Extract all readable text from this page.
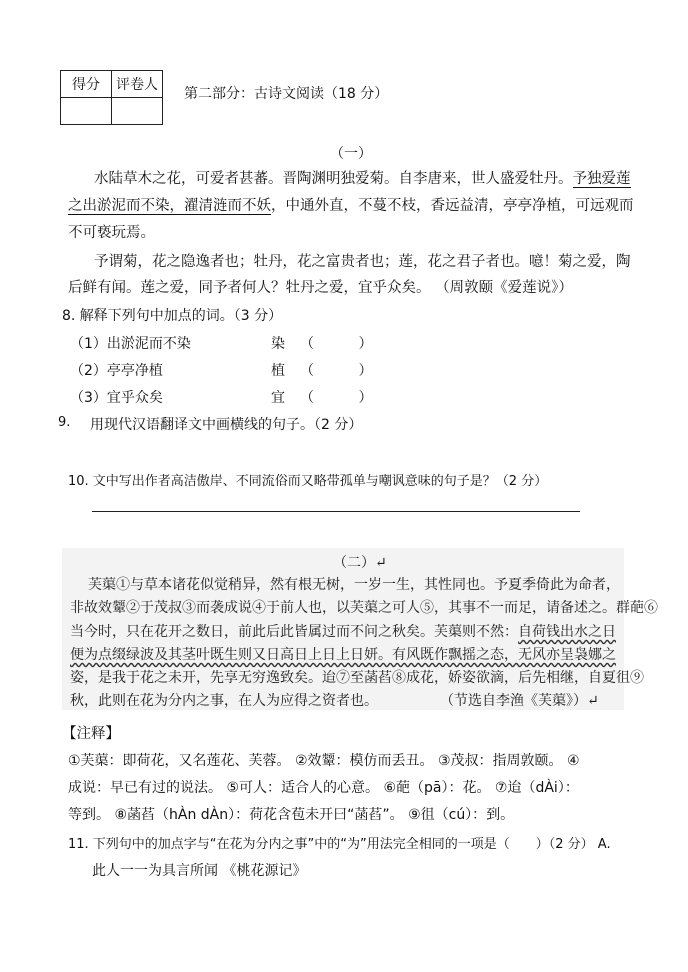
得分	评卷人

第二部分：古诗文阅读（18 分）
（一）
水陆草木之花，可爱者甚蕃。晋陶渊明独爱菊。自李唐来，世人盛爱牡丹。予独爱莲
之出淤泥而不染，濯清涟而不妖，中通外直，不蔓不枝，香远益清，亭亭净植，可远观而
不可亵玩焉。
予谓菊，花之隐逸者也；牡丹，花之富贵者也；莲，花之君子者也。噫！菊之爱，陶
后鲜有闻。莲之爱，同予者何人？牡丹之爱，宜乎众矣。 （周敦颐《爱莲说》）
8. 解释下列句中加点的词。（3 分）
（1）出淤泥而不染	染 （          ）
（2）亭亭净植	植 （          ）
（3）宜乎众矣	宜 （          ）
9. 用现代汉语翻译文中画横线的句子。（2 分）
10. 文中写出作者高洁傲岸、不同流俗而又略带孤单与嘲讽意味的句子是？（2 分）
（二）↵
芙蕖①与草本诸花似觉稍异，然有根无树，一岁一生，其性同也。予夏季倚此为命者，
非故效颦②于茂叔③而袭成说④于前人也，以芙蕖之可人⑤，其事不一而足，请备述之。群葩⑥
当今时，只在花开之数日，前此后此皆属过而不问之秋矣。芙蕖则不然：自荷钱出水之日
便为点缀绿波及其茎叶既生则又日高日上日上日妍。有风既作飘摇之态，无风亦呈袅娜之
姿，是我于花之未开，先享无穷逸致矣。迨⑦至菡萏⑧成花，娇姿欲滴，后先相继，自夏徂⑨
秋，此则在花为分内之事，在人为应得之资者也。	（节选自李渔《芙蕖》）↵
【注释】
①芙蕖：即荷花，又名莲花、芙蓉。 ②效颦：模仿而丢丑。 ③茂叔：指周敦颐。 ④
成说：早已有过的说法。 ⑤可人：适合人的心意。 ⑥葩（pā）：花。 ⑦迨（dÀi）：
等到。 ⑧菡萏（hÀn dÀn）：荷花含苞未开曰“菡萏”。 ⑨徂（cú）：到。
11. 下列句中的加点字与“在花为分内之事”中的“为”用法完全相同的一项是（　　）（2 分） A.
此人一一为具言所闻 《桃花源记》
